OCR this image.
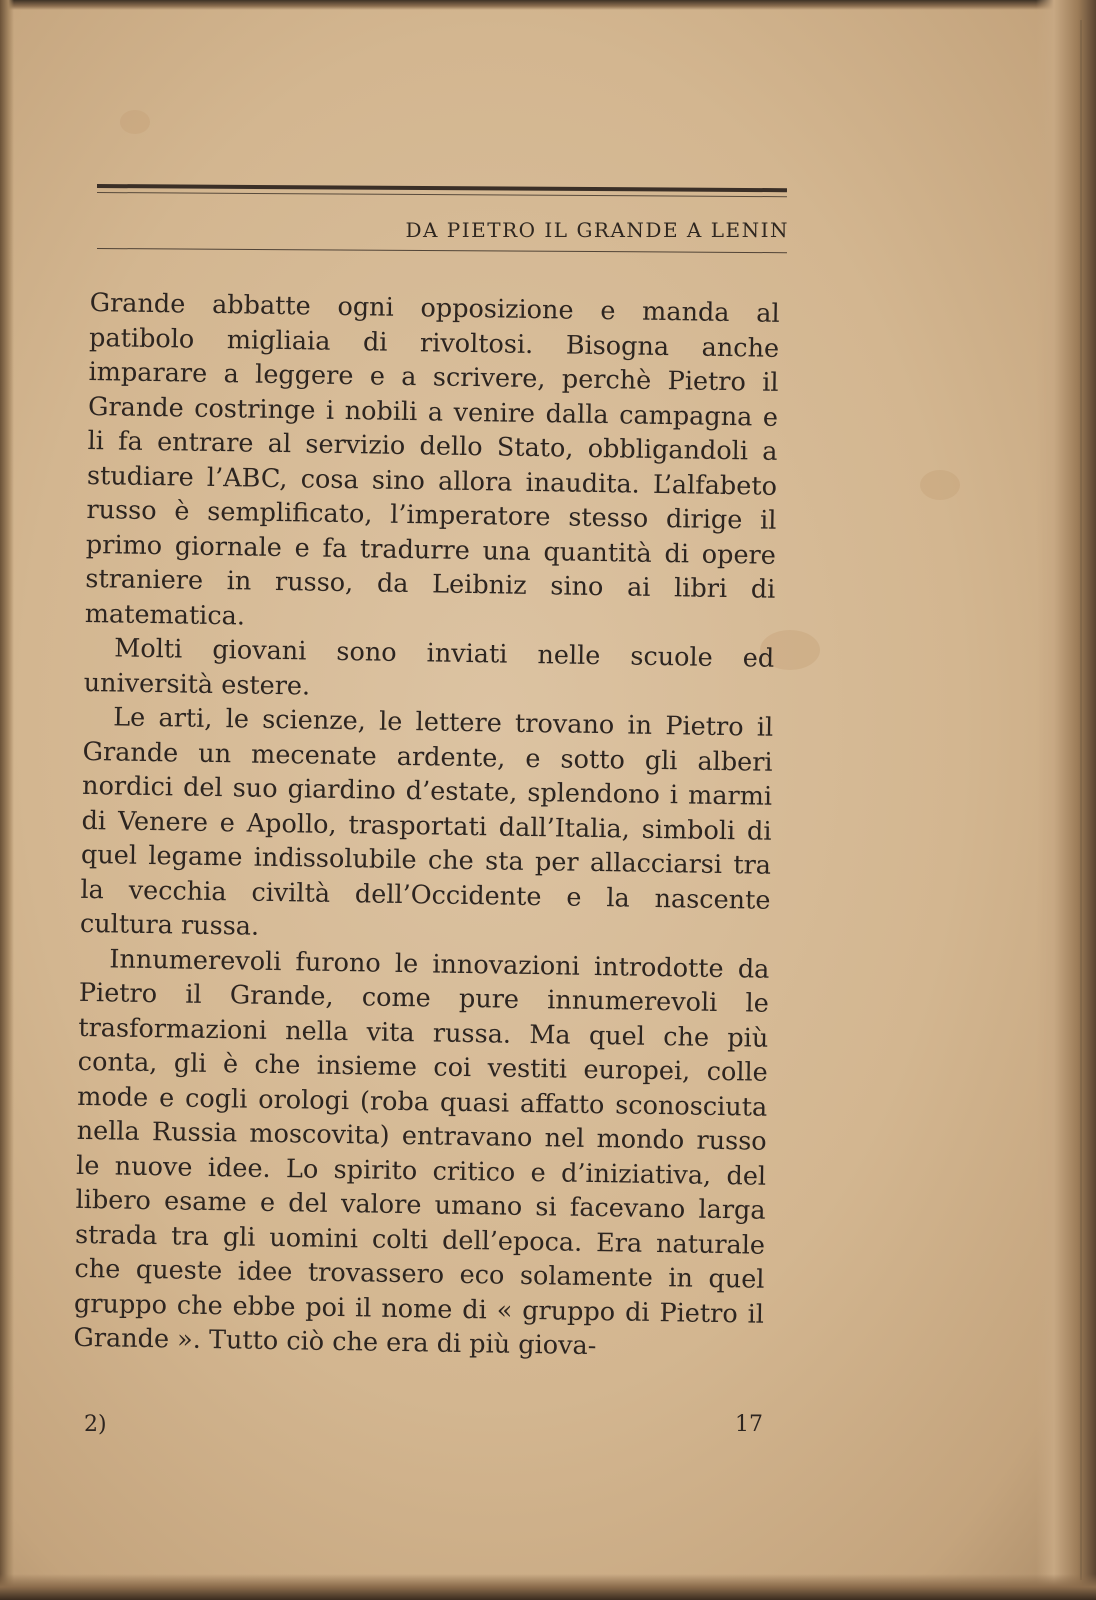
DA PIETRO IL GRANDE A LENIN

Grande abbatte ogni opposizione e manda al patibolo migliaia di rivoltosi. Bisogna anche imparare a leggere e a scrivere, perchè Pietro il Grande costringe i nobili a venire dalla campagna e li fa entrare al servizio dello Stato, obbligandoli a studiare l’ABC, cosa sino allora inaudita. L’alfabeto russo è semplificato, l’imperatore stesso dirige il primo giornale e fa tradurre una quantità di opere straniere in russo, da Leibniz sino ai libri di matematica.

Molti giovani sono inviati nelle scuole ed università estere.

Le arti, le scienze, le lettere trovano in Pietro il Grande un mecenate ardente, e sotto gli alberi nordici del suo giardino d’estate, splendono i marmi di Venere e Apollo, trasportati dall’Italia, simboli di quel legame indissolubile che sta per allacciarsi tra la vecchia civiltà dell’Occidente e la nascente cultura russa.

Innumerevoli furono le innovazioni introdotte da Pietro il Grande, come pure innumerevoli le trasformazioni nella vita russa. Ma quel che più conta, gli è che insieme coi vestiti europei, colle mode e cogli orologi (roba quasi affatto sconosciuta nella Russia moscovita) entravano nel mondo russo le nuove idee. Lo spirito critico e d’iniziativa, del libero esame e del valore umano si facevano larga strada tra gli uomini colti dell’epoca. Era naturale che queste idee trovassero eco solamente in quel gruppo che ebbe poi il nome di « gruppo di Pietro il Grande ». Tutto ciò che era di più giova-

2)	17
